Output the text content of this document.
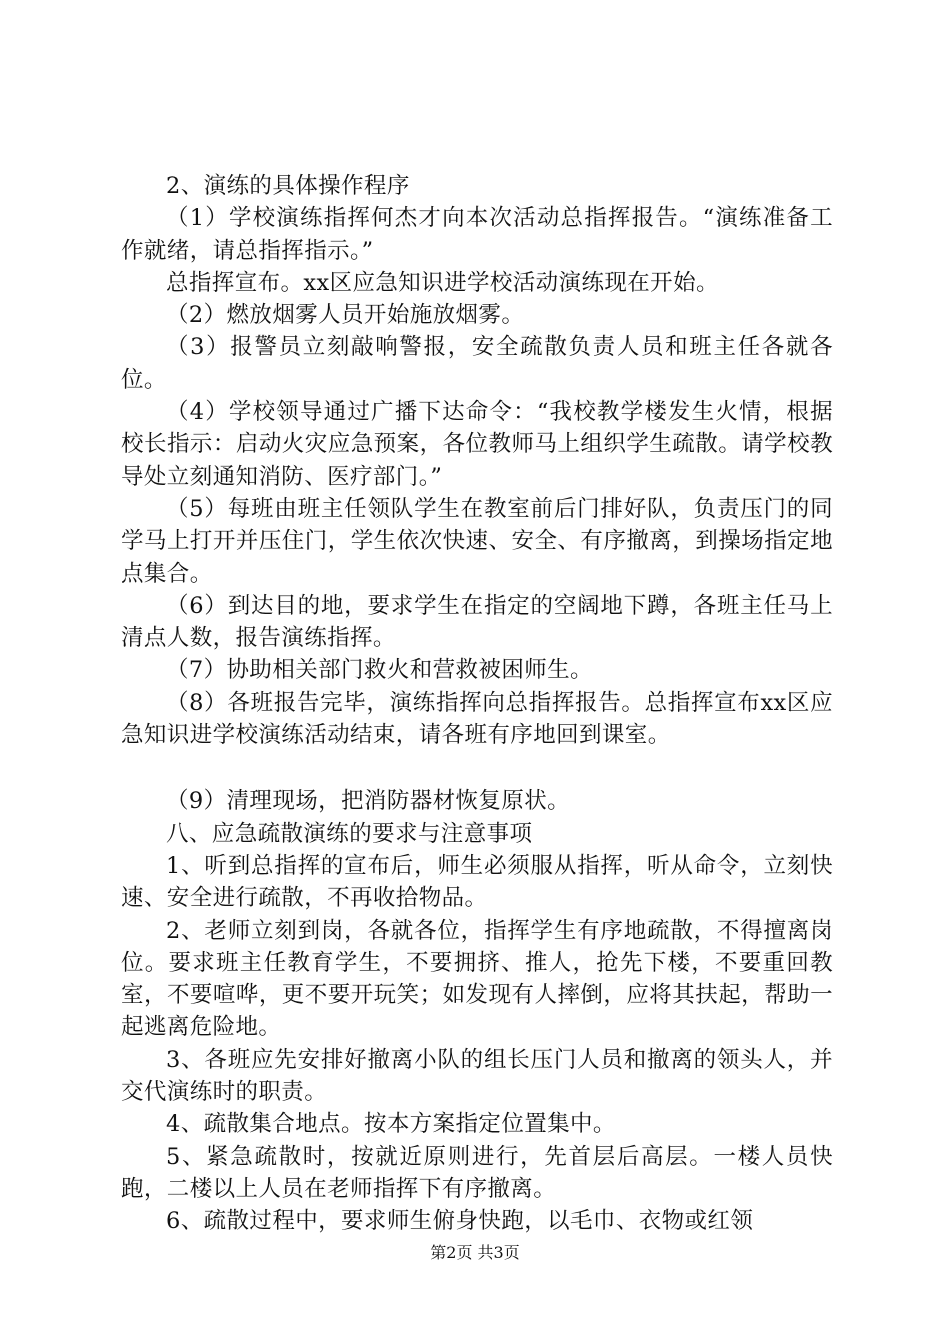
2、演练的具体操作程序

（1）学校演练指挥何杰才向本次活动总指挥报告。“演练准备工作就绪，请总指挥指示。”

总指挥宣布。xx区应急知识进学校活动演练现在开始。

（2）燃放烟雾人员开始施放烟雾。

（3）报警员立刻敲响警报，安全疏散负责人员和班主任各就各位。

（4）学校领导通过广播下达命令：“我校教学楼发生火情，根据校长指示：启动火灾应急预案，各位教师马上组织学生疏散。请学校教导处立刻通知消防、医疗部门。”

（5）每班由班主任领队学生在教室前后门排好队，负责压门的同学马上打开并压住门，学生依次快速、安全、有序撤离，到操场指定地点集合。

（6）到达目的地，要求学生在指定的空阔地下蹲，各班主任马上清点人数，报告演练指挥。

（7）协助相关部门救火和营救被困师生。

（8）各班报告完毕，演练指挥向总指挥报告。总指挥宣布xx区应急知识进学校演练活动结束，请各班有序地回到课室。

（9）清理现场，把消防器材恢复原状。

八、应急疏散演练的要求与注意事项

1、听到总指挥的宣布后，师生必须服从指挥，听从命令，立刻快速、安全进行疏散，不再收拾物品。

2、老师立刻到岗，各就各位，指挥学生有序地疏散，不得擅离岗位。要求班主任教育学生，不要拥挤、推人，抢先下楼，不要重回教室，不要喧哗，更不要开玩笑；如发现有人摔倒，应将其扶起，帮助一起逃离危险地。

3、各班应先安排好撤离小队的组长压门人员和撤离的领头人，并交代演练时的职责。

4、疏散集合地点。按本方案指定位置集中。

5、紧急疏散时，按就近原则进行，先首层后高层。一楼人员快跑，二楼以上人员在老师指挥下有序撤离。

6、疏散过程中，要求师生俯身快跑，以毛巾、衣物或红领

第2页 共3页
